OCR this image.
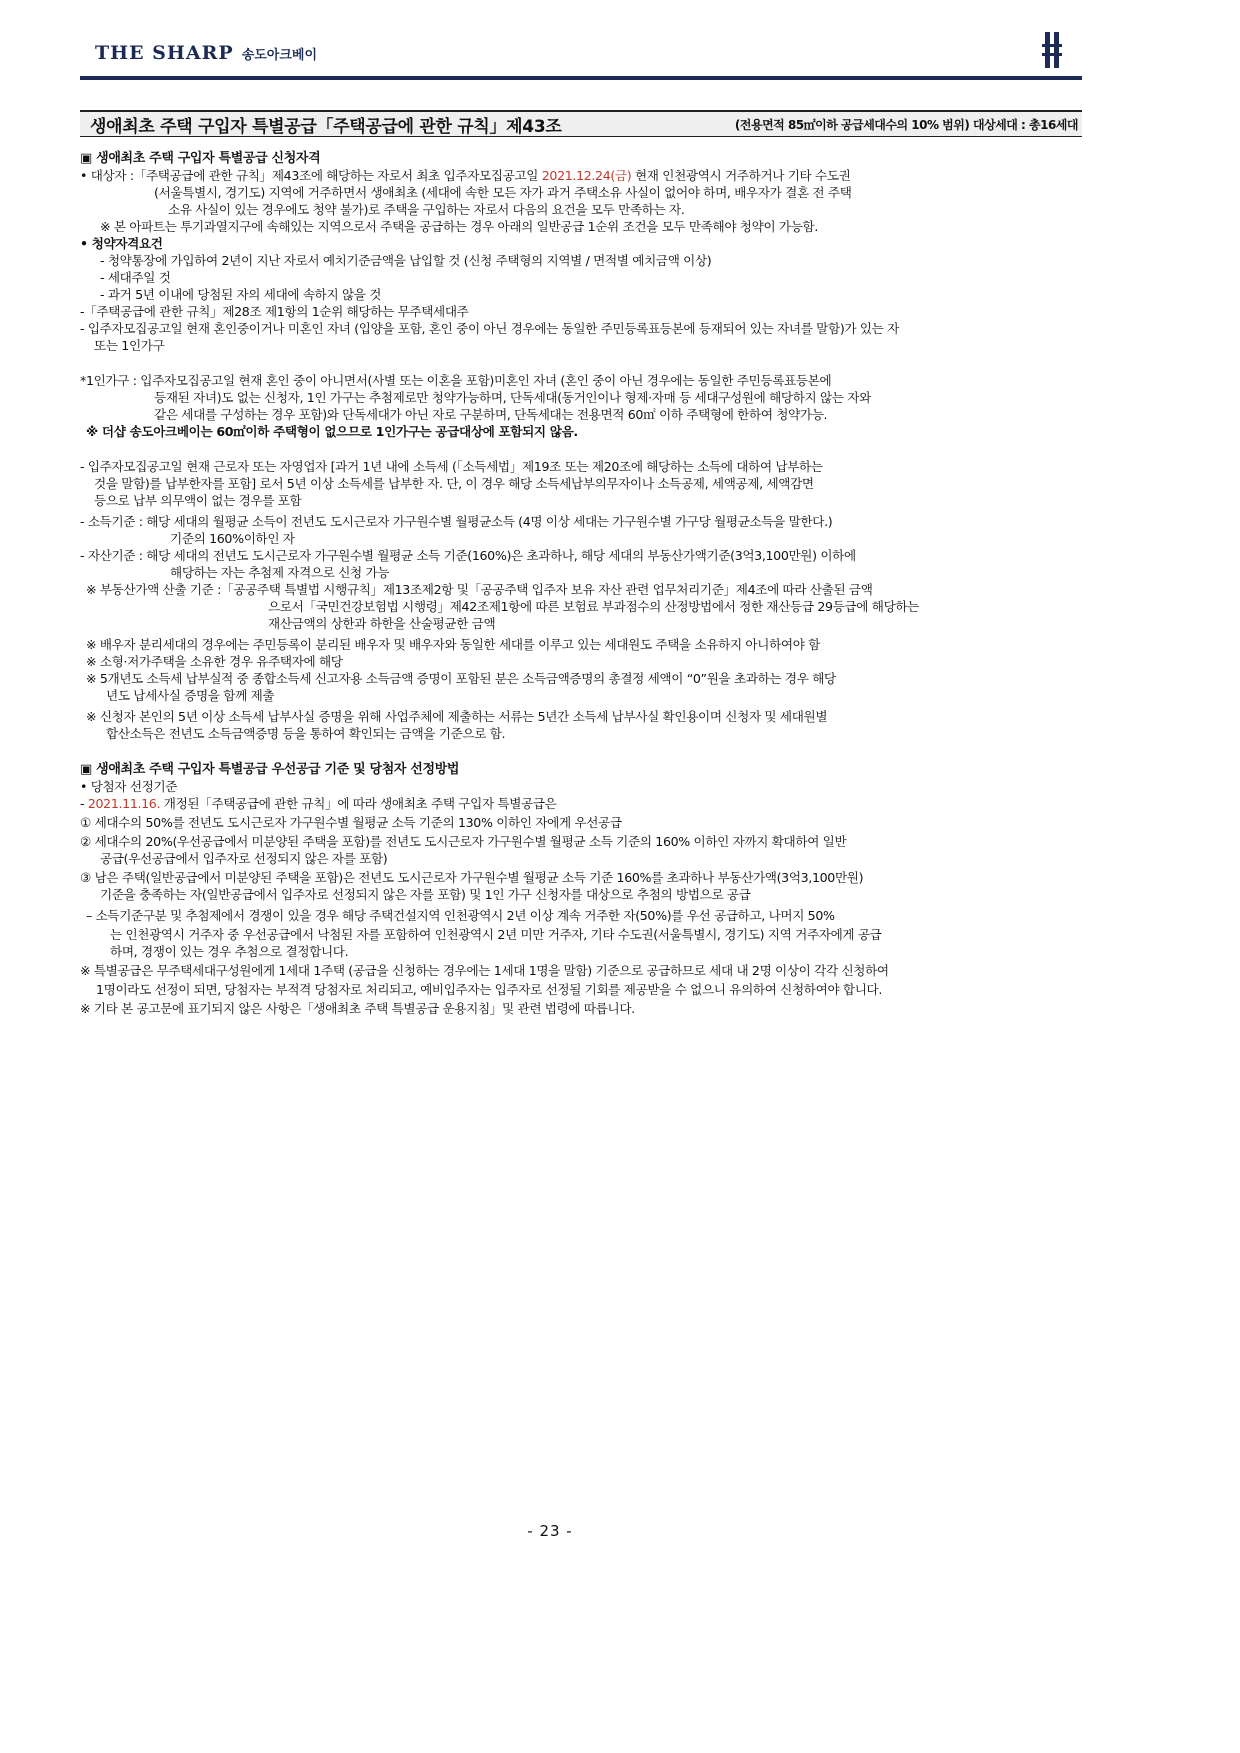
THE SHARP 송도아크베이
생애최초 주택 구입자 특별공급「주택공급에 관한 규칙」제43조	(전용면적 85㎡이하 공급세대수의 10% 범위) 대상세대 : 총16세대
▣ 생애최초 주택 구입자 특별공급 신청자격
• 대상자 :「주택공급에 관한 규칙」제43조에 해당하는 자로서 최초 입주자모집공고일 2021.12.24(금) 현재 인천광역시 거주하거나 기타 수도권
(서울특별시, 경기도) 지역에 거주하면서 생애최초 (세대에 속한 모든 자가 과거 주택소유 사실이 없어야 하며, 배우자가 결혼 전 주택
소유 사실이 있는 경우에도 청약 불가)로 주택을 구입하는 자로서 다음의 요건을 모두 만족하는 자.
※ 본 아파트는 투기과열지구에 속해있는 지역으로서 주택을 공급하는 경우 아래의 일반공급 1순위 조건을 모두 만족해야 청약이 가능함.
• 청약자격요건
- 청약통장에 가입하여 2년이 지난 자로서 예치기준금액을 납입할 것 (신청 주택형의 지역별 / 면적별 예치금액 이상)
- 세대주일 것
- 과거 5년 이내에 당첨된 자의 세대에 속하지 않을 것
-「주택공급에 관한 규칙」제28조 제1항의 1순위 해당하는 무주택세대주
- 입주자모집공고일 현재 혼인중이거나 미혼인 자녀 (입양을 포함, 혼인 중이 아닌 경우에는 동일한 주민등록표등본에 등재되어 있는 자녀를 말함)가 있는 자
또는 1인가구
*1인가구 : 입주자모집공고일 현재 혼인 중이 아니면서(사별 또는 이혼을 포함)미혼인 자녀 (혼인 중이 아닌 경우에는 동일한 주민등록표등본에
등재된 자녀)도 없는 신청자, 1인 가구는 추첨제로만 청약가능하며, 단독세대(동거인이나 형제·자매 등 세대구성원에 해당하지 않는 자와
같은 세대를 구성하는 경우 포함)와 단독세대가 아닌 자로 구분하며, 단독세대는 전용면적 60㎡ 이하 주택형에 한하여 청약가능.
※ 더샵 송도아크베이는 60㎡이하 주택형이 없으므로 1인가구는 공급대상에 포함되지 않음.
- 입주자모집공고일 현재 근로자 또는 자영업자 [과거 1년 내에 소득세 (「소득세법」제19조 또는 제20조에 해당하는 소득에 대하여 납부하는
것을 말함)를 납부한자를 포함] 로서 5년 이상 소득세를 납부한 자. 단, 이 경우 해당 소득세납부의무자이나 소득공제, 세액공제, 세액감면
등으로 납부 의무액이 없는 경우를 포함
- 소득기준 : 해당 세대의 월평균 소득이 전년도 도시근로자 가구원수별 월평균소득 (4명 이상 세대는 가구원수별 가구당 월평균소득을 말한다.)
기준의 160%이하인 자
- 자산기준 : 해당 세대의 전년도 도시근로자 가구원수별 월평균 소득 기준(160%)은 초과하나, 해당 세대의 부동산가액기준(3억3,100만원) 이하에
해당하는 자는 추첨제 자격으로 신청 가능
※ 부동산가액 산출 기준 :「공공주택 특별법 시행규칙」제13조제2항 및「공공주택 입주자 보유 자산 관련 업무처리기준」제4조에 따라 산출된 금액
으로서「국민건강보험법 시행령」제42조제1항에 따른 보험료 부과점수의 산정방법에서 정한 재산등급 29등급에 해당하는
재산금액의 상한과 하한을 산술평균한 금액
※ 배우자 분리세대의 경우에는 주민등록이 분리된 배우자 및 배우자와 동일한 세대를 이루고 있는 세대원도 주택을 소유하지 아니하여야 함
※ 소형·저가주택을 소유한 경우 유주택자에 해당
※ 5개년도 소득세 납부실적 중 종합소득세 신고자용 소득금액 증명이 포함된 분은 소득금액증명의 총결정 세액이 “0”원을 초과하는 경우 해당
년도 납세사실 증명을 함께 제출
※ 신청자 본인의 5년 이상 소득세 납부사실 증명을 위해 사업주체에 제출하는 서류는 5년간 소득세 납부사실 확인용이며 신청자 및 세대원별
합산소득은 전년도 소득금액증명 등을 통하여 확인되는 금액을 기준으로 함.
▣ 생애최초 주택 구입자 특별공급 우선공급 기준 및 당첨자 선정방법
• 당첨자 선정기준
- 2021.11.16. 개정된「주택공급에 관한 규칙」에 따라 생애최초 주택 구입자 특별공급은
① 세대수의 50%를 전년도 도시근로자 가구원수별 월평균 소득 기준의 130% 이하인 자에게 우선공급
② 세대수의 20%(우선공급에서 미분양된 주택을 포함)를 전년도 도시근로자 가구원수별 월평균 소득 기준의 160% 이하인 자까지 확대하여 일반
공급(우선공급에서 입주자로 선정되지 않은 자를 포함)
③ 남은 주택(일반공급에서 미분양된 주택을 포함)은 전년도 도시근로자 가구원수별 월평균 소득 기준 160%를 초과하나 부동산가액(3억3,100만원)
기준을 충족하는 자(일반공급에서 입주자로 선정되지 않은 자를 포함) 및 1인 가구 신청자를 대상으로 추첨의 방법으로 공급
– 소득기준구분 및 추첨제에서 경쟁이 있을 경우 해당 주택건설지역 인천광역시 2년 이상 계속 거주한 자(50%)를 우선 공급하고, 나머지 50%
는 인천광역시 거주자 중 우선공급에서 낙첨된 자를 포함하여 인천광역시 2년 미만 거주자, 기타 수도권(서울특별시, 경기도) 지역 거주자에게 공급
하며, 경쟁이 있는 경우 추첨으로 결정합니다.
※ 특별공급은 무주택세대구성원에게 1세대 1주택 (공급을 신청하는 경우에는 1세대 1명을 말함) 기준으로 공급하므로 세대 내 2명 이상이 각각 신청하여
1명이라도 선정이 되면, 당첨자는 부적격 당첨자로 처리되고, 예비입주자는 입주자로 선정될 기회를 제공받을 수 없으니 유의하여 신청하여야 합니다.
※ 기타 본 공고문에 표기되지 않은 사항은「생애최초 주택 특별공급 운용지침」및 관련 법령에 따릅니다.
- 23 -
